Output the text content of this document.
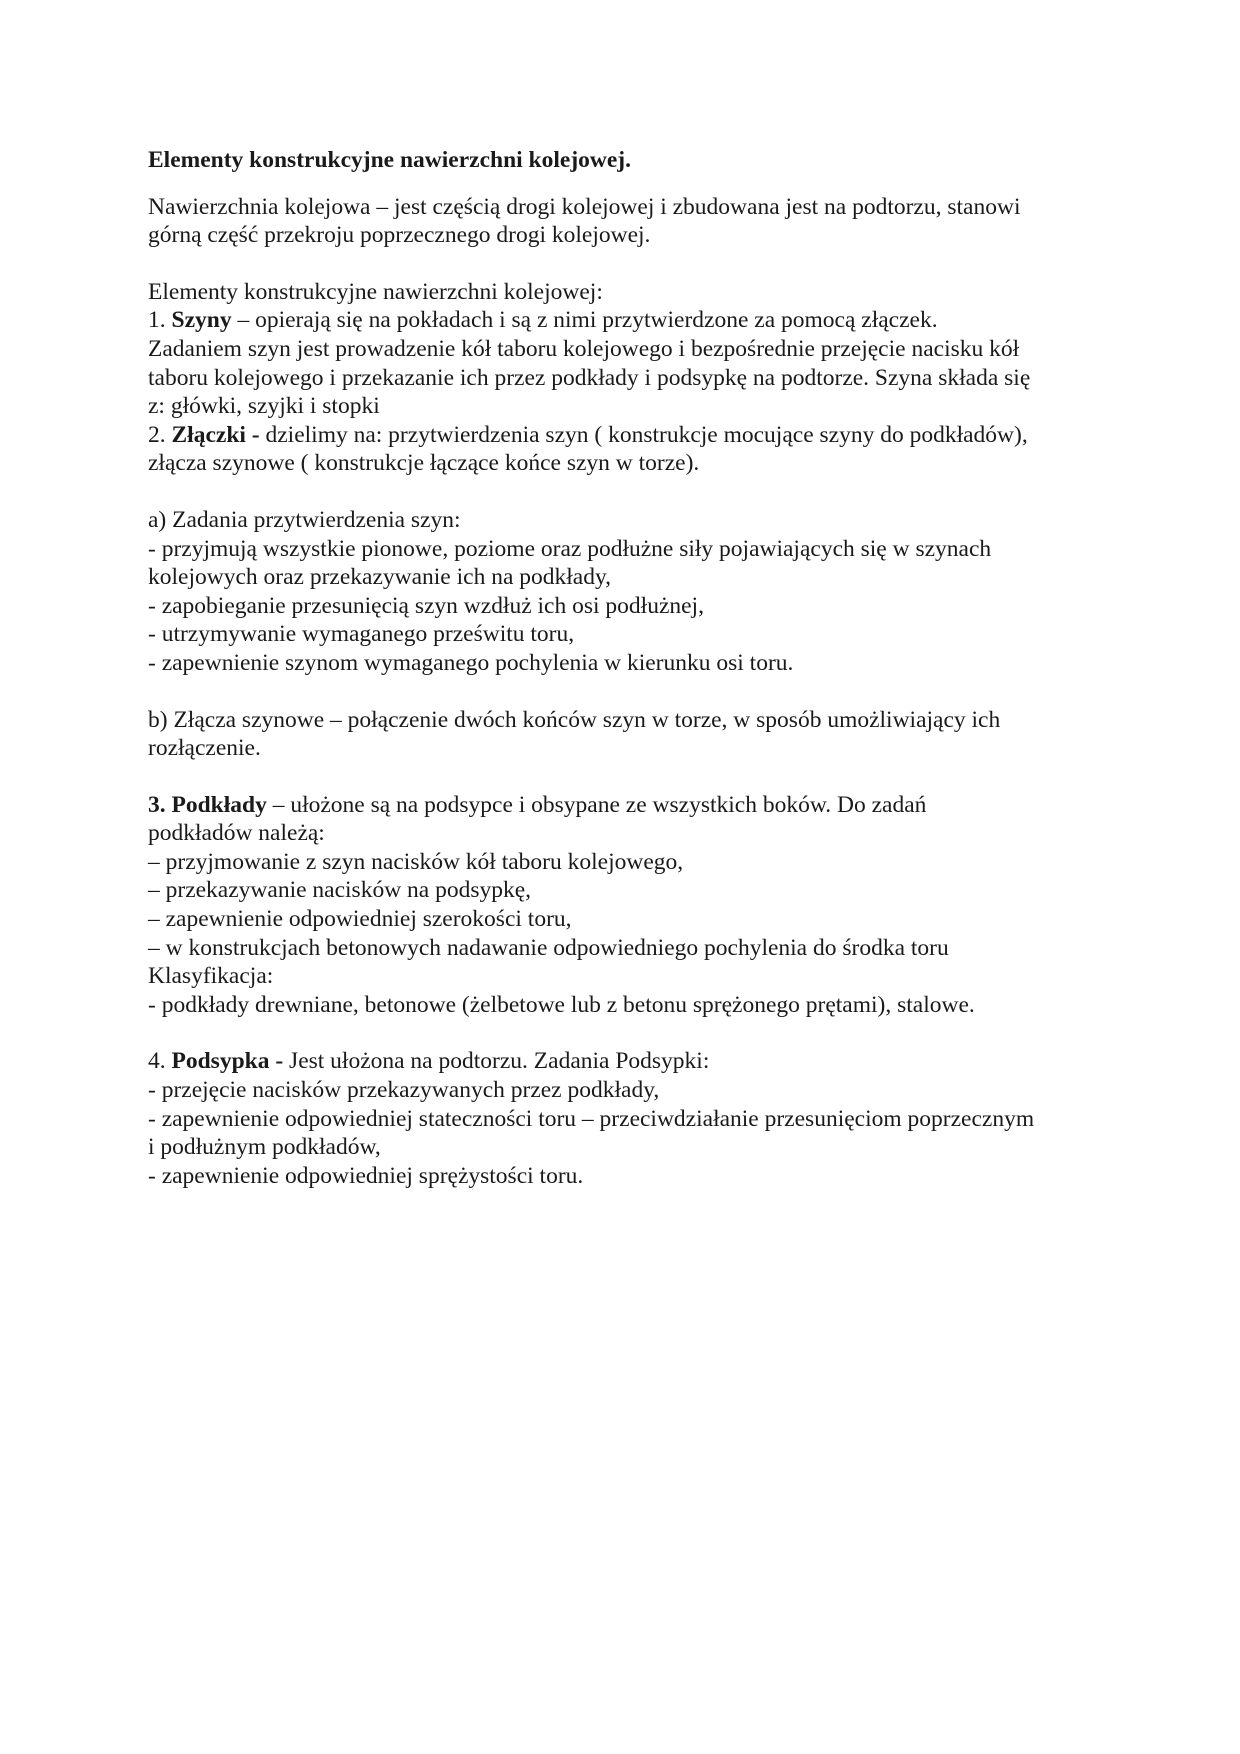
Elementy konstrukcyjne nawierzchni kolejowej.

Nawierzchnia kolejowa – jest częścią drogi kolejowej i zbudowana jest na podtorzu, stanowi
górną część przekroju poprzecznego drogi kolejowej.

Elementy konstrukcyjne nawierzchni kolejowej:
1. Szyny – opierają się na pokładach i są z nimi przytwierdzone za pomocą złączek.
Zadaniem szyn jest prowadzenie kół taboru kolejowego i bezpośrednie przejęcie nacisku kół
taboru kolejowego i przekazanie ich przez podkłady i podsypkę na podtorze. Szyna składa się
z: główki, szyjki i stopki
2. Złączki - dzielimy na: przytwierdzenia szyn ( konstrukcje mocujące szyny do podkładów),
złącza szynowe ( konstrukcje łączące końce szyn w torze).

a) Zadania przytwierdzenia szyn:
- przyjmują wszystkie pionowe, poziome oraz podłużne siły pojawiających się w szynach
kolejowych oraz przekazywanie ich na podkłady,
- zapobieganie przesunięcią szyn wzdłuż ich osi podłużnej,
- utrzymywanie wymaganego prześwitu toru,
- zapewnienie szynom wymaganego pochylenia w kierunku osi toru.

b) Złącza szynowe – połączenie dwóch końców szyn w torze, w sposób umożliwiający ich
rozłączenie.

3. Podkłady – ułożone są na podsypce i obsypane ze wszystkich boków. Do zadań
podkładów należą:
– przyjmowanie z szyn nacisków kół taboru kolejowego,
– przekazywanie nacisków na podsypkę,
– zapewnienie odpowiedniej szerokości toru,
– w konstrukcjach betonowych nadawanie odpowiedniego pochylenia do środka toru
Klasyfikacja:
- podkłady drewniane, betonowe (żelbetowe lub z betonu sprężonego prętami), stalowe.

4. Podsypka - Jest ułożona na podtorzu. Zadania Podsypki:
- przejęcie nacisków przekazywanych przez podkłady,
- zapewnienie odpowiedniej stateczności toru – przeciwdziałanie przesunięciom poprzecznym
i podłużnym podkładów,
- zapewnienie odpowiedniej sprężystości toru.
